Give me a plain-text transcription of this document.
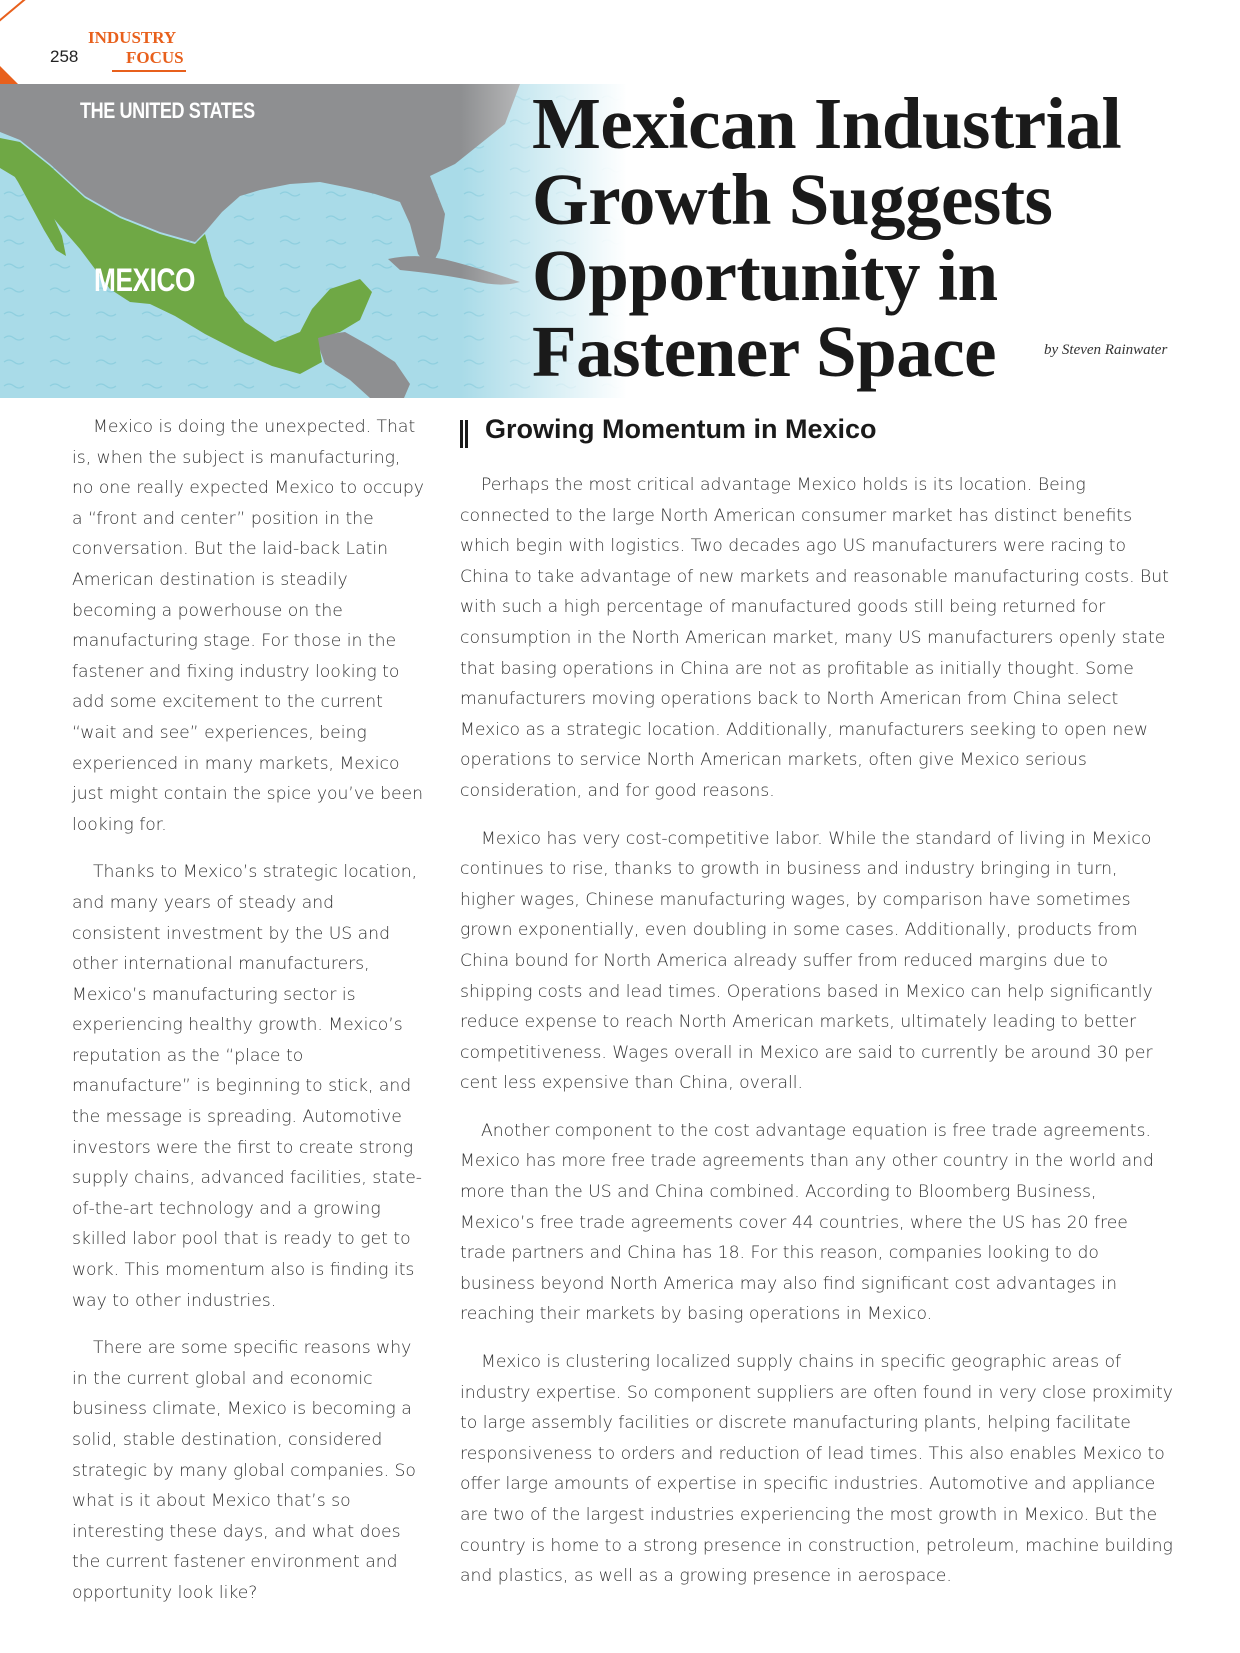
258
INDUSTRY
FOCUS
THE UNITED STATES
MEXICO
Mexican Industrial Growth Suggests Opportunity in Fastener Space	by Steven Rainwater

Mexico is doing the unexpected. That is, when the subject is manufacturing, no one really expected Mexico to occupy a “front and center” position in the conversation. But the laid-back Latin American destination is steadily becoming a powerhouse on the manufacturing stage. For those in the fastener and fixing industry looking to add some excitement to the current “wait and see” experiences, being experienced in many markets, Mexico just might contain the spice you’ve been looking for.

Thanks to Mexico’s strategic location, and many years of steady and consistent investment by the US and other international manufacturers, Mexico’s manufacturing sector is experiencing healthy growth. Mexico’s reputation as the “place to manufacture” is beginning to stick, and the message is spreading. Automotive investors were the first to create strong supply chains, advanced facilities, state-of-the-art technology and a growing skilled labor pool that is ready to get to work. This momentum also is finding its way to other industries.

There are some specific reasons why in the current global and economic business climate, Mexico is becoming a solid, stable destination, considered strategic by many global companies. So what is it about Mexico that’s so interesting these days, and what does the current fastener environment and opportunity look like?

Growing Momentum in Mexico

Perhaps the most critical advantage Mexico holds is its location. Being connected to the large North American consumer market has distinct benefits which begin with logistics. Two decades ago US manufacturers were racing to China to take advantage of new markets and reasonable manufacturing costs. But with such a high percentage of manufactured goods still being returned for consumption in the North American market, many US manufacturers openly state that basing operations in China are not as profitable as initially thought. Some manufacturers moving operations back to North American from China select Mexico as a strategic location. Additionally, manufacturers seeking to open new operations to service North American markets, often give Mexico serious consideration, and for good reasons.

Mexico has very cost-competitive labor. While the standard of living in Mexico continues to rise, thanks to growth in business and industry bringing in turn, higher wages, Chinese manufacturing wages, by comparison have sometimes grown exponentially, even doubling in some cases. Additionally, products from China bound for North America already suffer from reduced margins due to shipping costs and lead times. Operations based in Mexico can help significantly reduce expense to reach North American markets, ultimately leading to better competitiveness. Wages overall in Mexico are said to currently be around 30 per cent less expensive than China, overall.

Another component to the cost advantage equation is free trade agreements. Mexico has more free trade agreements than any other country in the world and more than the US and China combined. According to Bloomberg Business, Mexico’s free trade agreements cover 44 countries, where the US has 20 free trade partners and China has 18. For this reason, companies looking to do business beyond North America may also find significant cost advantages in reaching their markets by basing operations in Mexico.

Mexico is clustering localized supply chains in specific geographic areas of industry expertise. So component suppliers are often found in very close proximity to large assembly facilities or discrete manufacturing plants, helping facilitate responsiveness to orders and reduction of lead times. This also enables Mexico to offer large amounts of expertise in specific industries. Automotive and appliance are two of the largest industries experiencing the most growth in Mexico. But the country is home to a strong presence in construction, petroleum, machine building and plastics, as well as a growing presence in aerospace.
